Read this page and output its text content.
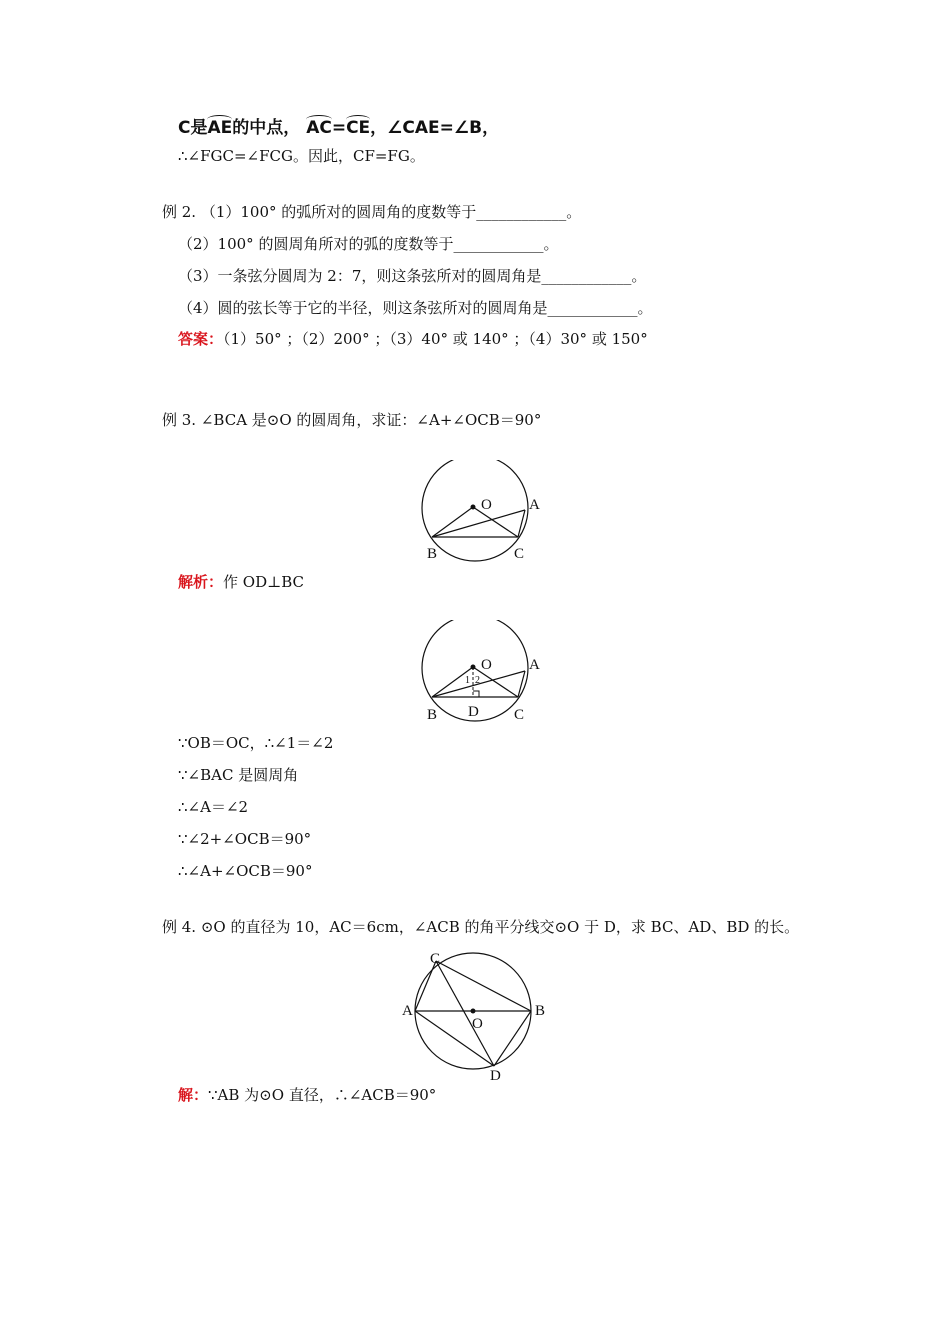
C是AE的中点， AC=CE，∠CAE=∠B，
∴∠FGC=∠FCG。因此，CF=FG。
例 2. （1）100° 的弧所对的圆周角的度数等于____________。
（2）100° 的圆周角所对的弧的度数等于____________。
（3）一条弦分圆周为 2：7，则这条弦所对的圆周角是____________。
（4）圆的弦长等于它的半径，则这条弦所对的圆周角是____________。
答案：（1）50° ；（2）200° ；（3）40° 或 140° ；（4）30° 或 150°
例 3. ∠BCA 是⊙O 的圆周角，求证：∠A+∠OCB＝90°
O A
B	C
解析：作 OD⊥BC
1 2
O A
B D C
∵OB＝OC，∴∠1＝∠2
∵∠BAC 是圆周角
∴∠A＝∠2
∵∠2+∠OCB＝90°
∴∠A+∠OCB＝90°
例 4. ⊙O 的直径为 10，AC＝6cm，∠ACB 的角平分线交⊙O 于 D，求 BC、AD、BD 的长。
C
A	B
O
D
解：∵AB 为⊙O 直径，∴∠ACB＝90°
